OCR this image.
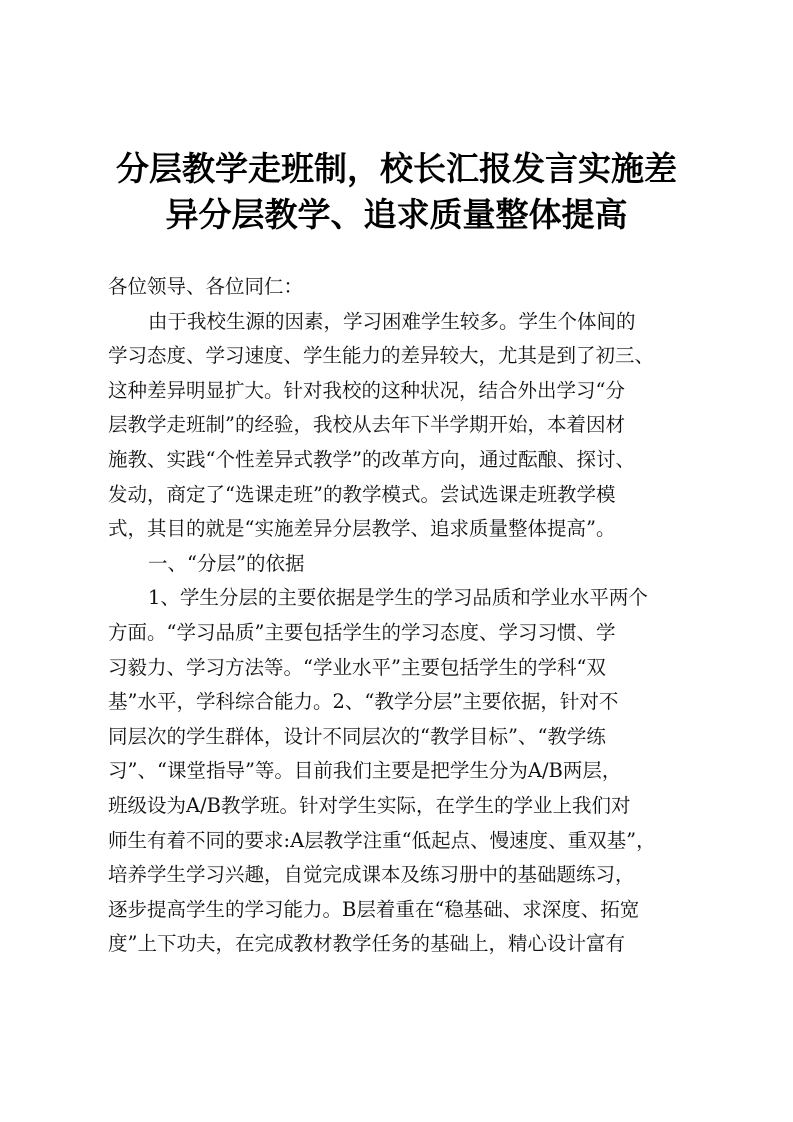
分层教学走班制，校长汇报发言实施差
异分层教学、追求质量整体提高
各位领导、各位同仁：
由于我校生源的因素，学习困难学生较多。学生个体间的
学习态度、学习速度、学生能力的差异较大，尤其是到了初三、
这种差异明显扩大。针对我校的这种状况，结合外出学习“分
层教学走班制”的经验，我校从去年下半学期开始，本着因材
施教、实践“个性差异式教学”的改革方向，通过酝酿、探讨、
发动，商定了“选课走班”的教学模式。尝试选课走班教学模
式，其目的就是“实施差异分层教学、追求质量整体提高”。
一、“分层”的依据
1、学生分层的主要依据是学生的学习品质和学业水平两个
方面。“学习品质”主要包括学生的学习态度、学习习惯、学
习毅力、学习方法等。“学业水平”主要包括学生的学科“双
基”水平，学科综合能力。2、“教学分层”主要依据，针对不
同层次的学生群体，设计不同层次的“教学目标”、“教学练
习”、“课堂指导”等。目前我们主要是把学生分为A/B两层，
班级设为A/B教学班。针对学生实际，在学生的学业上我们对
师生有着不同的要求:A层教学注重“低起点、慢速度、重双基”，
培养学生学习兴趣，自觉完成课本及练习册中的基础题练习，
逐步提高学生的学习能力。B层着重在“稳基础、求深度、拓宽
度”上下功夫，在完成教材教学任务的基础上，精心设计富有
